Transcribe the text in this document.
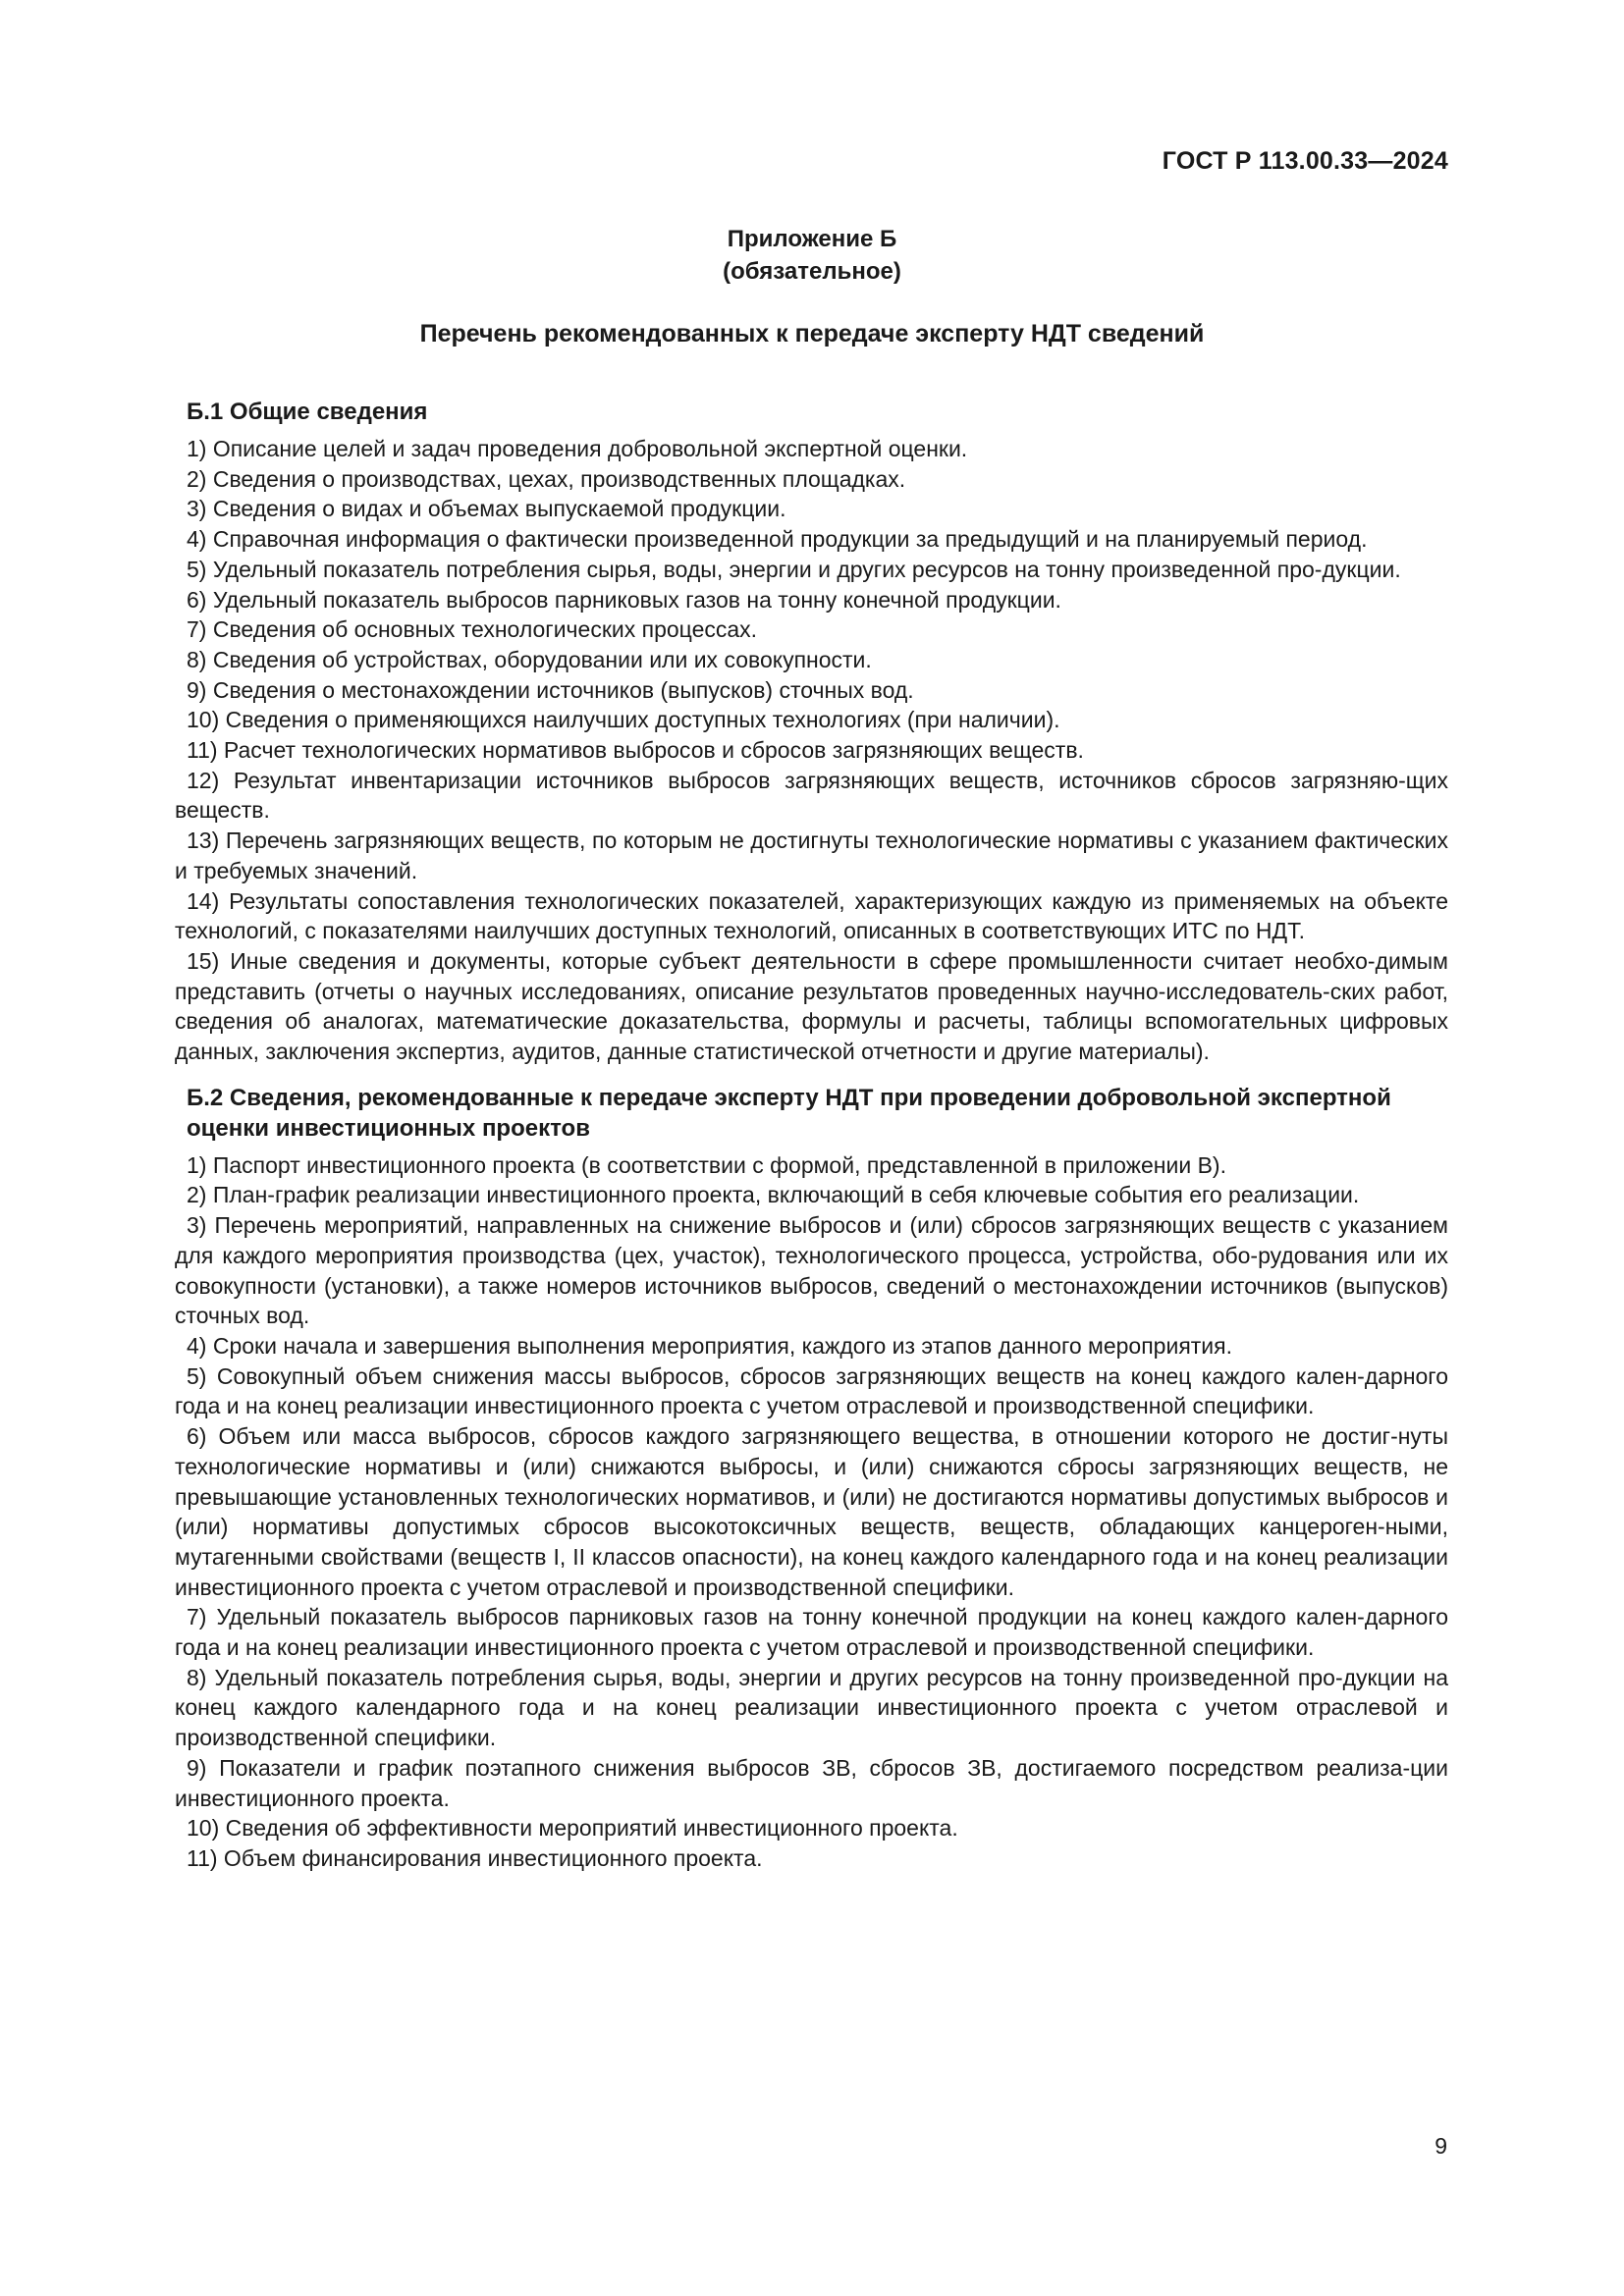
ГОСТ Р 113.00.33—2024
Приложение Б
(обязательное)
Перечень рекомендованных к передаче эксперту НДТ сведений
Б.1 Общие сведения

1) Описание целей и задач проведения добровольной экспертной оценки.

2) Сведения о производствах, цехах, производственных площадках.

3) Сведения о видах и объемах выпускаемой продукции.

4) Справочная информация о фактически произведенной продукции за предыдущий и на планируемый период.

5) Удельный показатель потребления сырья, воды, энергии и других ресурсов на тонну произведенной про-дукции.

6) Удельный показатель выбросов парниковых газов на тонну конечной продукции.

7) Сведения об основных технологических процессах.

8) Сведения об устройствах, оборудовании или их совокупности.

9) Сведения о местонахождении источников (выпусков) сточных вод.

10) Сведения о применяющихся наилучших доступных технологиях (при наличии).

11) Расчет технологических нормативов выбросов и сбросов загрязняющих веществ.

12) Результат инвентаризации источников выбросов загрязняющих веществ, источников сбросов загрязняю-щих веществ.

13) Перечень загрязняющих веществ, по которым не достигнуты технологические нормативы с указанием фактических и требуемых значений.

14) Результаты сопоставления технологических показателей, характеризующих каждую из применяемых на объекте технологий, с показателями наилучших доступных технологий, описанных в соответствующих ИТС по НДТ.

15) Иные сведения и документы, которые субъект деятельности в сфере промышленности считает необхо-димым представить (отчеты о научных исследованиях, описание результатов проведенных научно-исследователь-ских работ, сведения об аналогах, математические доказательства, формулы и расчеты, таблицы вспомогательных цифровых данных, заключения экспертиз, аудитов, данные статистической отчетности и другие материалы).

Б.2 Сведения, рекомендованные к передаче эксперту НДТ при проведении добровольной экспертной оценки инвестиционных проектов

1) Паспорт инвестиционного проекта (в соответствии с формой, представленной в приложении В).

2) План-график реализации инвестиционного проекта, включающий в себя ключевые события его реализации.

3) Перечень мероприятий, направленных на снижение выбросов и (или) сбросов загрязняющих веществ с указанием для каждого мероприятия производства (цех, участок), технологического процесса, устройства, обо-рудования или их совокупности (установки), а также номеров источников выбросов, сведений о местонахождении источников (выпусков) сточных вод.

4) Сроки начала и завершения выполнения мероприятия, каждого из этапов данного мероприятия.

5) Совокупный объем снижения массы выбросов, сбросов загрязняющих веществ на конец каждого кален-дарного года и на конец реализации инвестиционного проекта с учетом отраслевой и производственной специфики.

6) Объем или масса выбросов, сбросов каждого загрязняющего вещества, в отношении которого не достиг-нуты технологические нормативы и (или) снижаются выбросы, и (или) снижаются сбросы загрязняющих веществ, не превышающие установленных технологических нормативов, и (или) не достигаются нормативы допустимых выбросов и (или) нормативы допустимых сбросов высокотоксичных веществ, веществ, обладающих канцероген-ными, мутагенными свойствами (веществ I, II классов опасности), на конец каждого календарного года и на конец реализации инвестиционного проекта с учетом отраслевой и производственной специфики.

7) Удельный показатель выбросов парниковых газов на тонну конечной продукции на конец каждого кален-дарного года и на конец реализации инвестиционного проекта с учетом отраслевой и производственной специфики.

8) Удельный показатель потребления сырья, воды, энергии и других ресурсов на тонну произведенной про-дукции на конец каждого календарного года и на конец реализации инвестиционного проекта с учетом отраслевой и производственной специфики.

9) Показатели и график поэтапного снижения выбросов ЗВ, сбросов ЗВ, достигаемого посредством реализа-ции инвестиционного проекта.

10) Сведения об эффективности мероприятий инвестиционного проекта.

11) Объем финансирования инвестиционного проекта.

9
